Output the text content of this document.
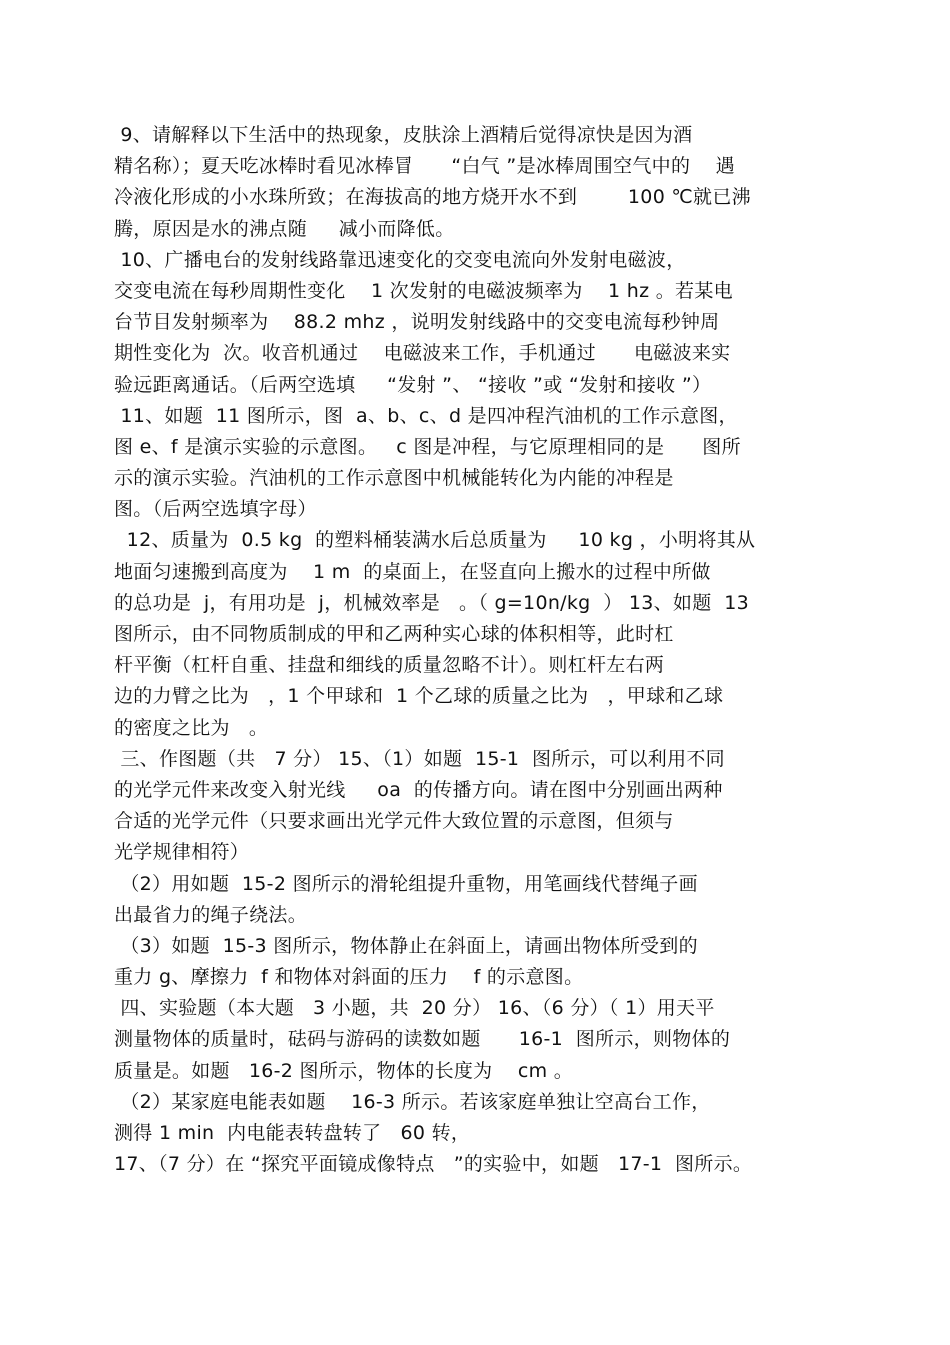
9、请解释以下生活中的热现象，皮肤涂上酒精后觉得凉快是因为酒
精名称）；夏天吃冰棒时看见冰棒冒      “白气 ”是冰棒周围空气中的    遇
冷液化形成的小水珠所致；在海拔高的地方烧开水不到        100 ℃就已沸
腾，原因是水的沸点随     减小而降低。
10、广播电台的发射线路靠迅速变化的交变电流向外发射电磁波，
交变电流在每秒周期性变化    1 次发射的电磁波频率为    1 hz 。若某电
台节目发射频率为    88.2 mhz ，说明发射线路中的交变电流每秒钟周
期性变化为  次。收音机通过    电磁波来工作，手机通过      电磁波来实
验远距离通话。（后两空选填     “发射 ”、 “接收 ”或 “发射和接收 ”）
11、如题  11 图所示，图  a、b、c、d 是四冲程汽油机的工作示意图，
图 e、f 是演示实验的示意图。   c 图是冲程，与它原理相同的是      图所
示的演示实验。汽油机的工作示意图中机械能转化为内能的冲程是
图。（后两空选填字母）
12、质量为  0.5 kg  的塑料桶装满水后总质量为     10 kg ，小明将其从
地面匀速搬到高度为    1 m  的桌面上，在竖直向上搬水的过程中所做
的总功是  j，有用功是  j，机械效率是   。（ g=10n/kg  ） 13、如题  13
图所示，由不同物质制成的甲和乙两种实心球的体积相等，此时杠
杆平衡（杠杆自重、挂盘和细线的质量忽略不计）。则杠杆左右两
边的力臂之比为   ，1 个甲球和  1 个乙球的质量之比为   ，甲球和乙球
的密度之比为   。
三、作图题（共   7 分） 15、（1）如题  15-1  图所示，可以利用不同
的光学元件来改变入射光线     oa  的传播方向。请在图中分别画出两种
合适的光学元件（只要求画出光学元件大致位置的示意图，但须与
光学规律相符）
（2）用如题  15-2 图所示的滑轮组提升重物，用笔画线代替绳子画
出最省力的绳子绕法。
（3）如题  15-3 图所示，物体静止在斜面上，请画出物体所受到的
重力 g、摩擦力  f 和物体对斜面的压力    f 的示意图。
四、实验题（本大题   3 小题，共  20 分） 16、（6 分）（ 1）用天平
测量物体的质量时，砝码与游码的读数如题      16-1  图所示，则物体的
质量是。如题   16-2 图所示，物体的长度为    cm 。
（2）某家庭电能表如题    16-3 所示。若该家庭单独让空高台工作，
测得 1 min  内电能表转盘转了   60 转，
17、（7 分）在 “探究平面镜成像特点   ”的实验中，如题   17-1  图所示。
